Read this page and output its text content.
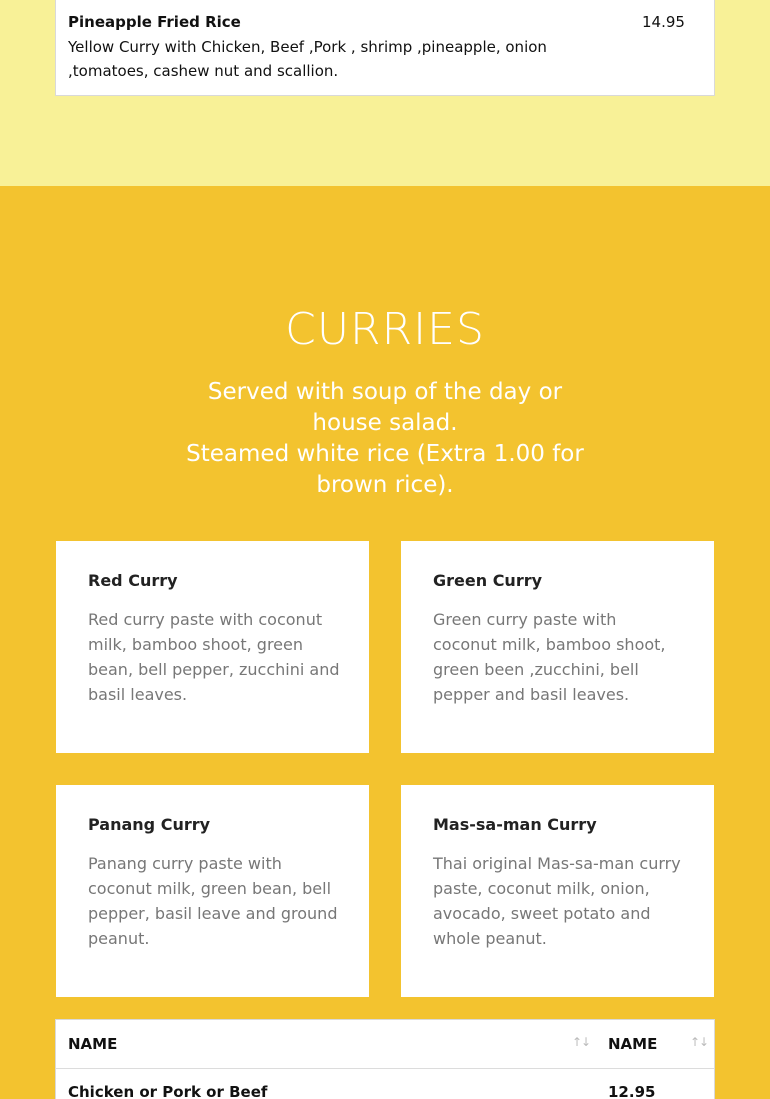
Pineapple Fried Rice
Yellow Curry with Chicken, Beef ,Pork , shrimp ,pineapple, onion ,tomatoes, cashew nut and scallion.
14.95
CURRIES
Served with soup of the day or house salad.
Steamed white rice (Extra 1.00 for brown rice).
Red Curry
Red curry paste with coconut milk, bamboo shoot, green bean, bell pepper, zucchini and basil leaves.
Green Curry
Green curry paste with coconut milk, bamboo shoot, green been ,zucchini, bell pepper and basil leaves.
Panang Curry
Panang curry paste with coconut milk, green bean, bell pepper, basil leave and ground peanut.
Mas-sa-man Curry
Thai original Mas-sa-man curry paste, coconut milk, onion, avocado, sweet potato and whole peanut.
NAME	↑↓ NAME	↑↓
Chicken or Pork or Beef	12.95
